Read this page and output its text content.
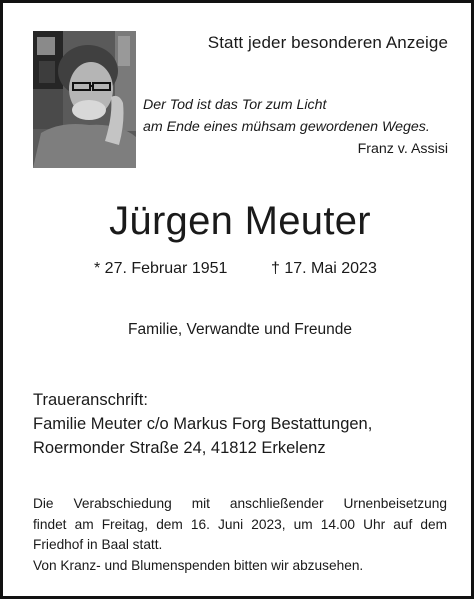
Statt jeder besonderen Anzeige
Der Tod ist das Tor zum Licht
am Ende eines mühsam gewordenen Weges.
Franz v. Assisi
Jürgen Meuter
* 27. Februar 1951	† 17. Mai 2023
Familie, Verwandte und Freunde
Traueranschrift:
Familie Meuter c/o Markus Forg Bestattungen,
Roermonder Straße 24, 41812 Erkelenz
Die Verabschiedung mit anschließender Urnenbeisetzung
findet am Freitag, dem 16. Juni 2023, um 14.00 Uhr auf dem
Friedhof in Baal statt.
Von Kranz- und Blumenspenden bitten wir abzusehen.
